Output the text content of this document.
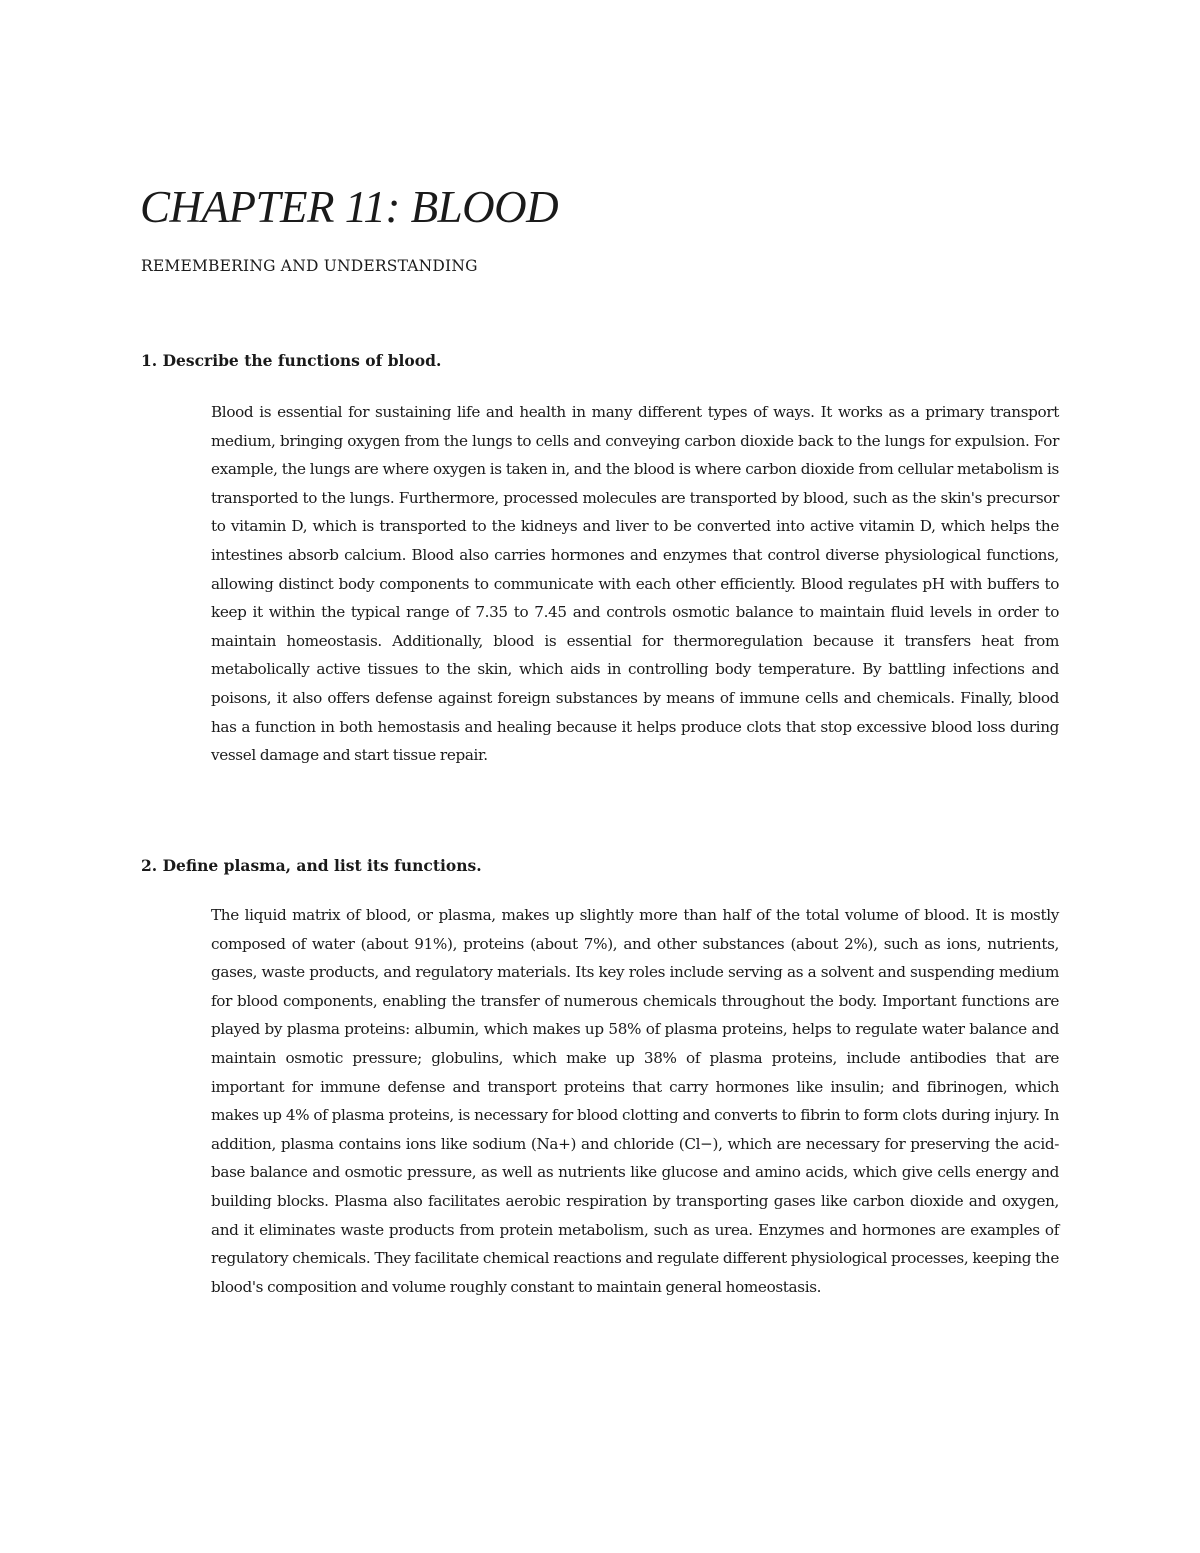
CHAPTER 11: BLOOD

REMEMBERING AND UNDERSTANDING

1. Describe the functions of blood.

Blood is essential for sustaining life and health in many different types of ways. It works as a primary transport medium, bringing oxygen from the lungs to cells and conveying carbon dioxide back to the lungs for expulsion. For example, the lungs are where oxygen is taken in, and the blood is where carbon dioxide from cellular metabolism is transported to the lungs. Furthermore, processed molecules are transported by blood, such as the skin's precursor to vitamin D, which is transported to the kidneys and liver to be converted into active vitamin D, which helps the intestines absorb calcium. Blood also carries hormones and enzymes that control diverse physiological functions, allowing distinct body components to communicate with each other efficiently. Blood regulates pH with buffers to keep it within the typical range of 7.35 to 7.45 and controls osmotic balance to maintain fluid levels in order to maintain homeostasis. Additionally, blood is essential for thermoregulation because it transfers heat from metabolically active tissues to the skin, which aids in controlling body temperature. By battling infections and poisons, it also offers defense against foreign substances by means of immune cells and chemicals. Finally, blood has a function in both hemostasis and healing because it helps produce clots that stop excessive blood loss during vessel damage and start tissue repair.

2. Define plasma, and list its functions.

The liquid matrix of blood, or plasma, makes up slightly more than half of the total volume of blood. It is mostly composed of water (about 91%), proteins (about 7%), and other substances (about 2%), such as ions, nutrients, gases, waste products, and regulatory materials. Its key roles include serving as a solvent and suspending medium for blood components, enabling the transfer of numerous chemicals throughout the body. Important functions are played by plasma proteins: albumin, which makes up 58% of plasma proteins, helps to regulate water balance and maintain osmotic pressure; globulins, which make up 38% of plasma proteins, include antibodies that are important for immune defense and transport proteins that carry hormones like insulin; and fibrinogen, which makes up 4% of plasma proteins, is necessary for blood clotting and converts to fibrin to form clots during injury. In addition, plasma contains ions like sodium (Na+) and chloride (Cl−), which are necessary for preserving the acid-base balance and osmotic pressure, as well as nutrients like glucose and amino acids, which give cells energy and building blocks. Plasma also facilitates aerobic respiration by transporting gases like carbon dioxide and oxygen, and it eliminates waste products from protein metabolism, such as urea. Enzymes and hormones are examples of regulatory chemicals. They facilitate chemical reactions and regulate different physiological processes, keeping the blood's composition and volume roughly constant to maintain general homeostasis.
